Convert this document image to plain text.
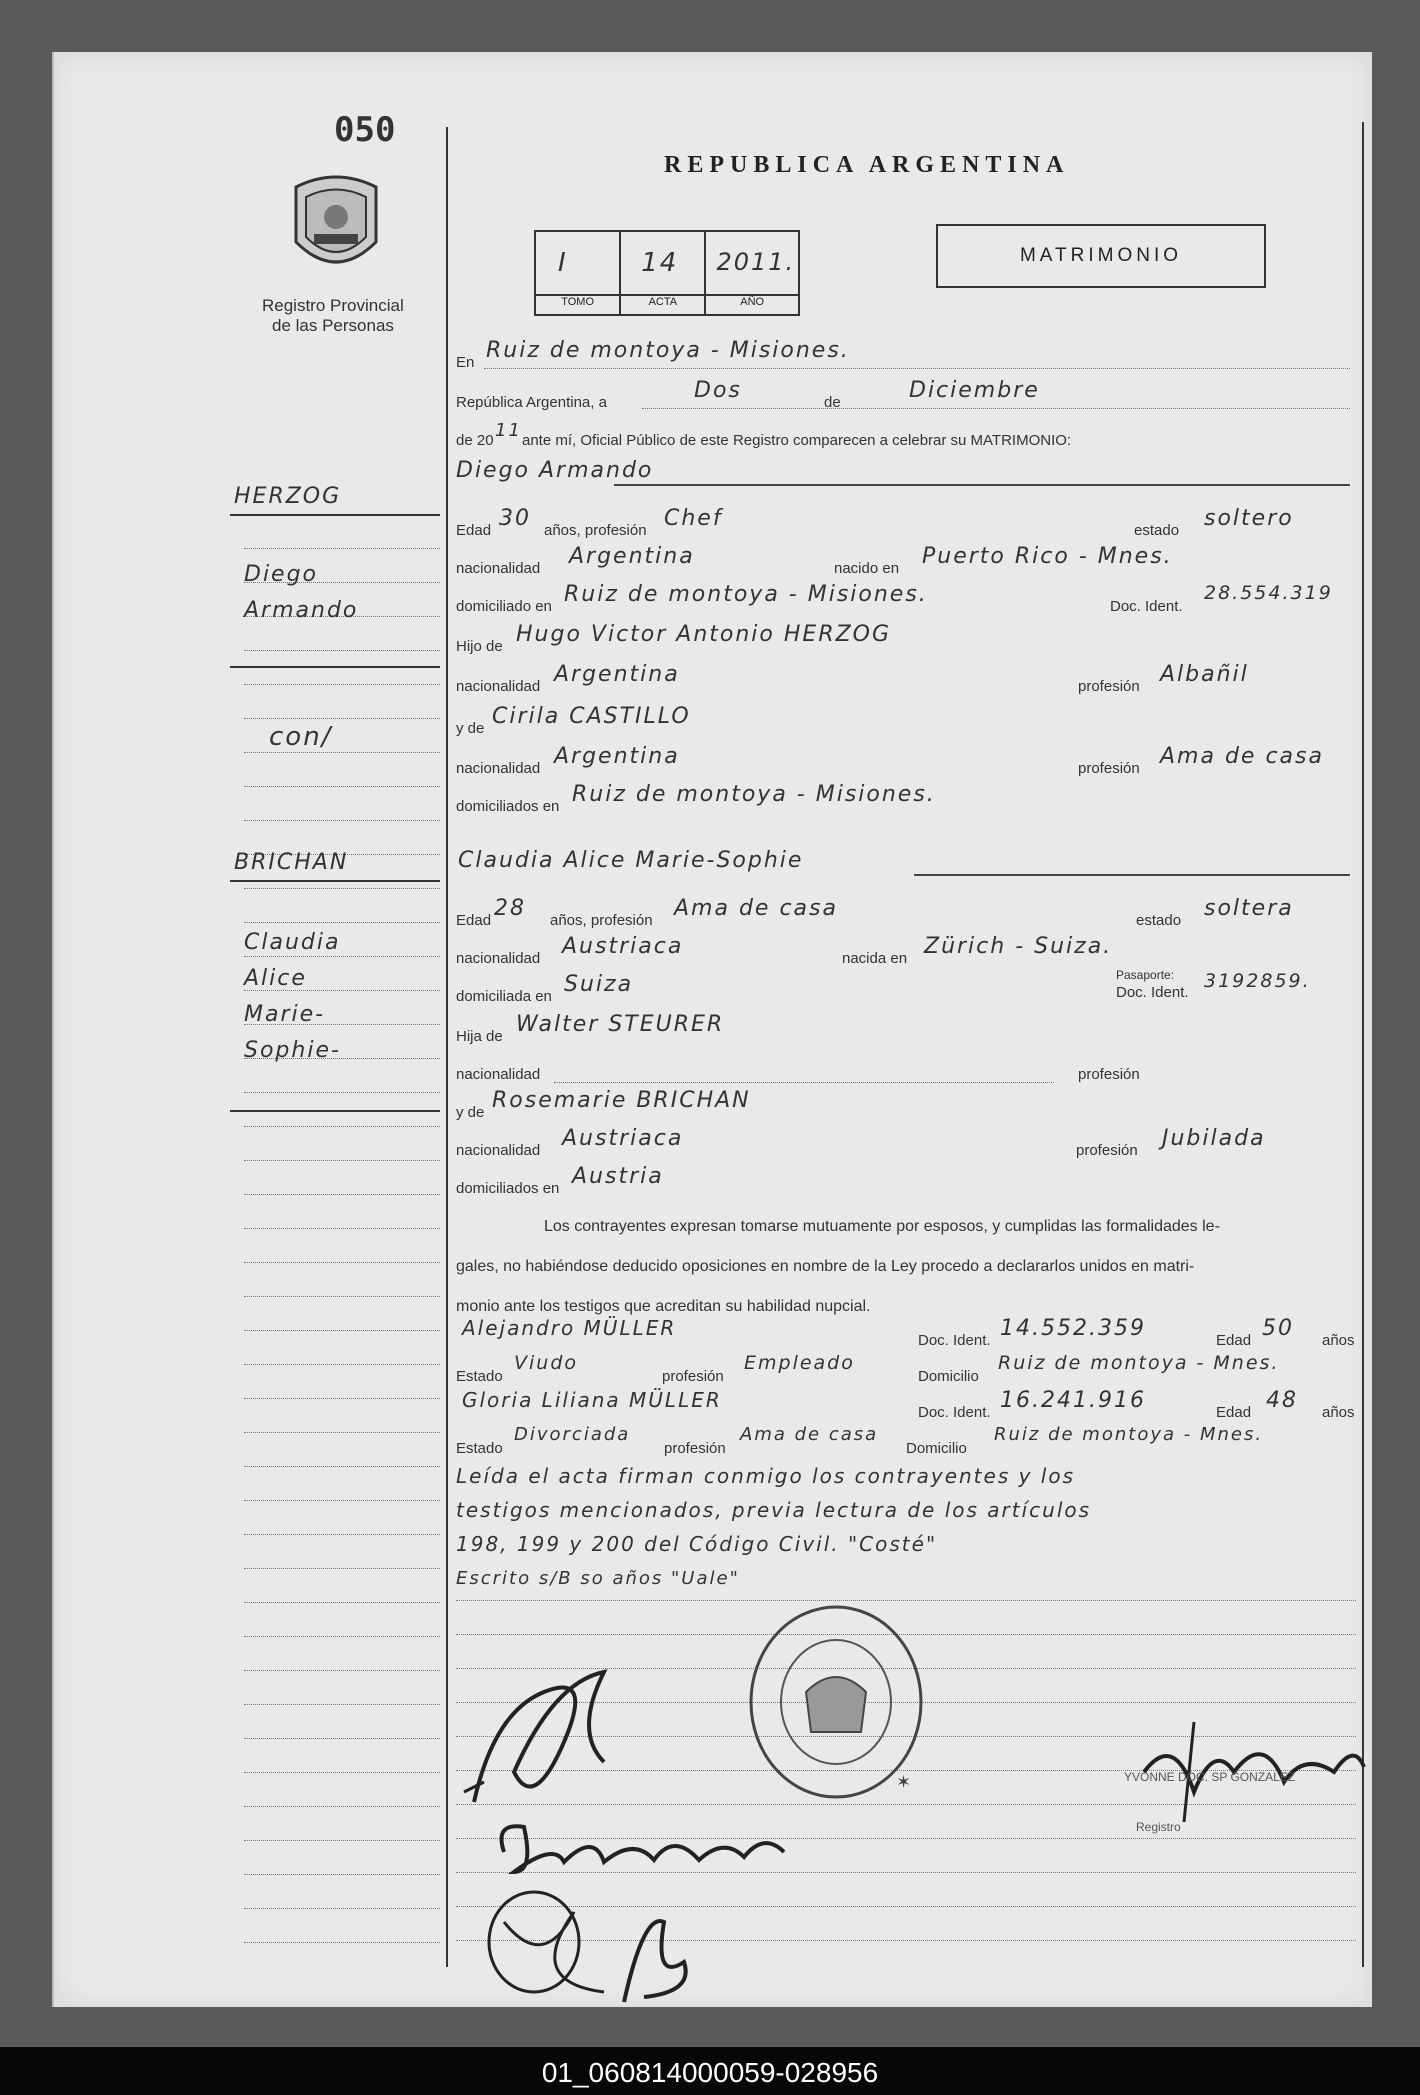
050
Registro Provincial
de las Personas
HERZOG
Diego
Armando
con/
BRICHAN
Claudia
Alice
Marie-
Sophie-
REPUBLICA ARGENTINA
I
TOMO
14
ACTA
2011.
AÑO
MATRIMONIO
En Ruiz de montoya - Misiones.
República Argentina, a	Dos	de	Diciembre
de 20 11 ante mí, Oficial Público de este Registro comparecen a celebrar su MATRIMONIO:
Diego Armando
Edad 30 años, profesión Chef	estado soltero
nacionalidad Argentina	nacido en Puerto Rico - Mnes.
domiciliado en Ruiz de montoya - Misiones.	Doc. Ident.
28.554.319
Hijo de Hugo Victor Antonio HERZOG
nacionalidad Argentina	profesión Albañil
y de Cirila CASTILLO
nacionalidad Argentina	profesión Ama de casa
domiciliados en Ruiz de montoya - Misiones.
Claudia Alice Marie-Sophie
Edad 28 años, profesión Ama de casa	estado soltera
nacionalidad Austriaca	nacida en Zürich - Suiza.
domiciliada en Suiza	Pasaporte:
Doc. Ident.
3192859.
Hija de Walter STEURER
nacionalidad	profesión
y de Rosemarie BRICHAN
nacionalidad Austriaca	profesión Jubilada
domiciliados en Austria
Los contrayentes expresan tomarse mutuamente por esposos, y cumplidas las formalidades le-
gales, no habiéndose deducido oposiciones en nombre de la Ley procedo a declararlos unidos en matri-
monio ante los testigos que acreditan su habilidad nupcial.
Alejandro MÜLLER
Doc. Ident. 14.552.359	Edad 50 años
Estado
Viudo
profesión
Empleado
Domicilio
Ruiz de montoya - Mnes.
Gloria Liliana MÜLLER
Doc. Ident. 16.241.916	Edad 48 años
Estado
Divorciada
profesión
Ama de casa
Domicilio
Ruiz de montoya - Mnes.
Leída el acta firman conmigo los contrayentes y los
testigos mencionados, previa lectura de los artículos
198, 199 y 200 del Código Civil. "Costé"
Escrito s/B so años "Uale"
✶	YVONNE DOC. SP GONZALEZ
Registro
01_060814000059-028956
